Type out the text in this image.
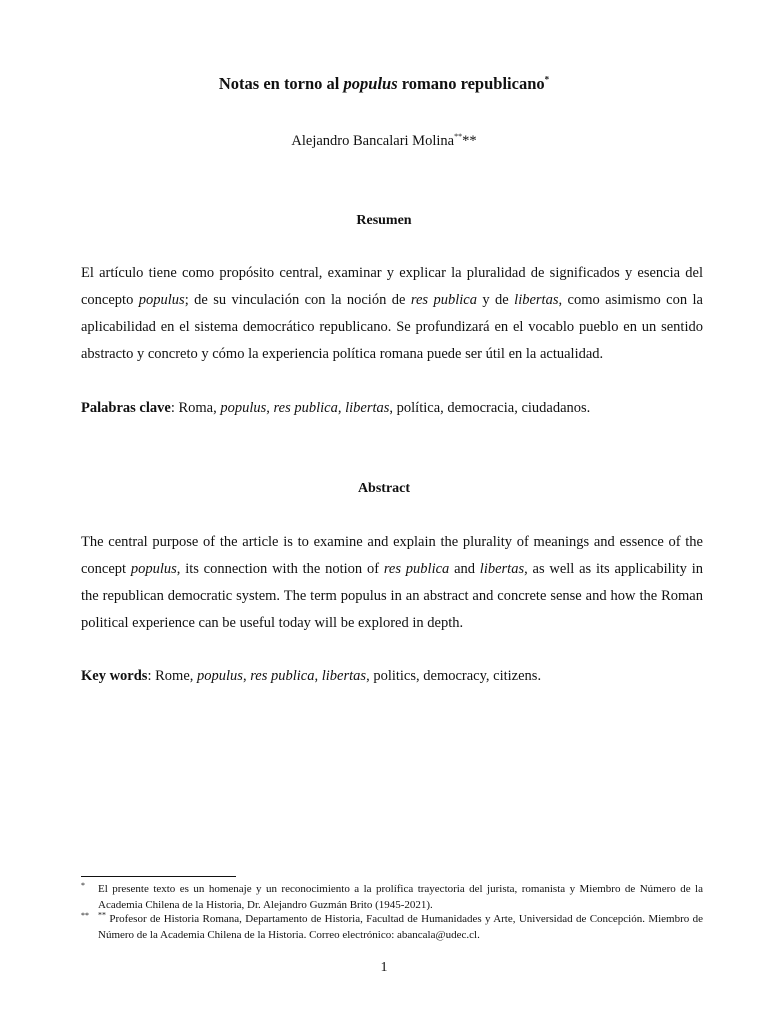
Notas en torno al populus romano republicano*
Alejandro Bancalari Molina****
Resumen
El artículo tiene como propósito central, examinar y explicar la pluralidad de significados y esencia del concepto populus; de su vinculación con la noción de res publica y de libertas, como asimismo con la aplicabilidad en el sistema democrático republicano. Se profundizará en el vocablo pueblo en un sentido abstracto y concreto y cómo la experiencia política romana puede ser útil en la actualidad.
Palabras clave: Roma, populus, res publica, libertas, política, democracia, ciudadanos.
Abstract
The central purpose of the article is to examine and explain the plurality of meanings and essence of the concept populus, its connection with the notion of res publica and libertas, as well as its applicability in the republican democratic system. The term populus in an abstract and concrete sense and how the Roman political experience can be useful today will be explored in depth.
Key words: Rome, populus, res publica, libertas, politics, democracy, citizens.
* El presente texto es un homenaje y un reconocimiento a la prolífica trayectoria del jurista, romanista y Miembro de Número de la Academia Chilena de la Historia, Dr. Alejandro Guzmán Brito (1945-2021).
** ** Profesor de Historia Romana, Departamento de Historia, Facultad de Humanidades y Arte, Universidad de Concepción. Miembro de Número de la Academia Chilena de la Historia. Correo electrónico: abancala@udec.cl.
1
